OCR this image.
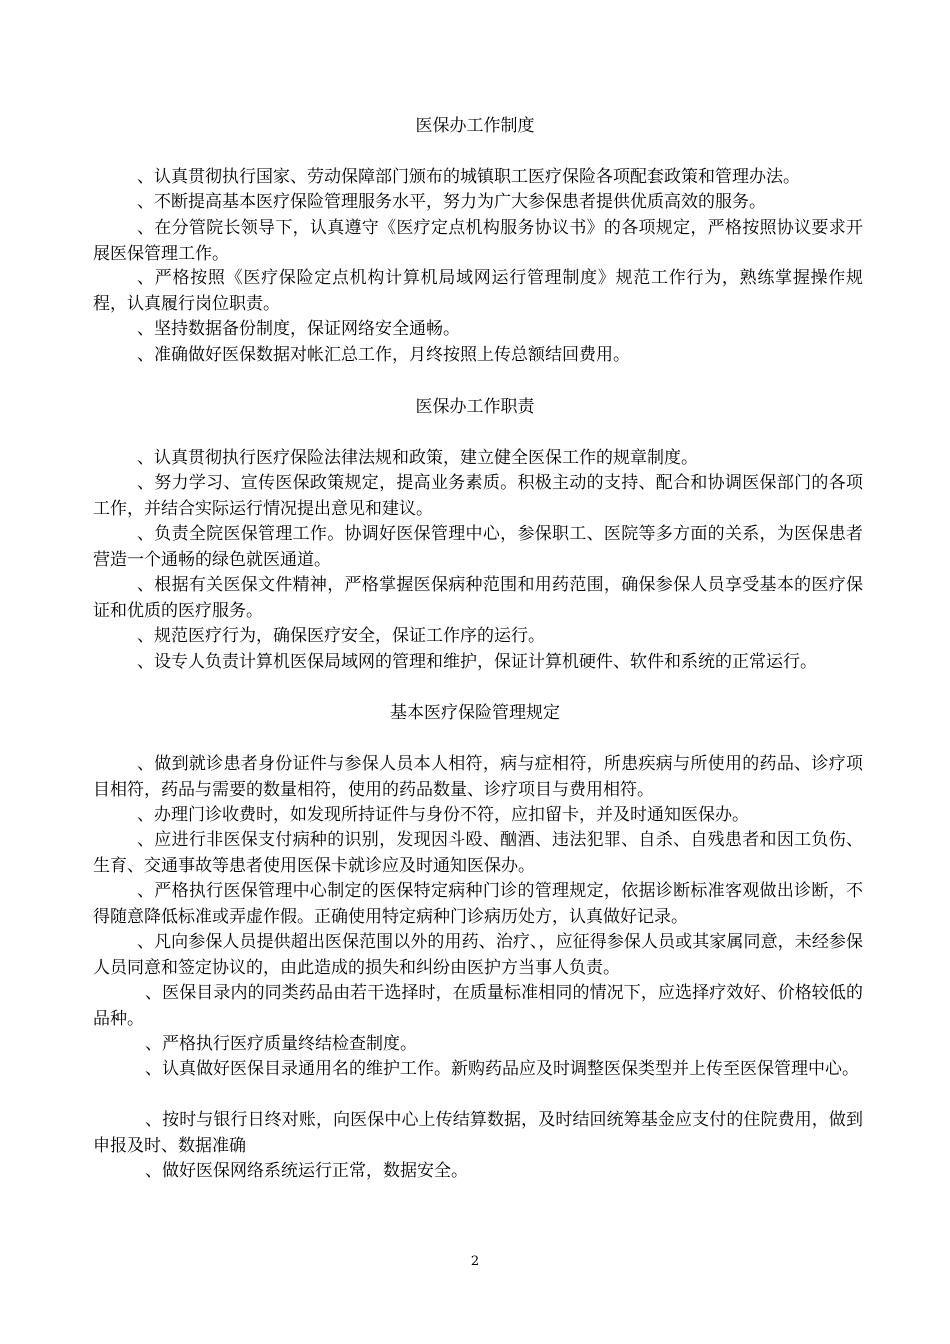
医保办工作制度
、认真贯彻执行国家、劳动保障部门颁布的城镇职工医疗保险各项配套政策和管理办法。
、不断提高基本医疗保险管理服务水平，努力为广大参保患者提供优质高效的服务。
、在分管院长领导下，认真遵守《医疗定点机构服务协议书》的各项规定，严格按照协议要求开展医保管理工作。
、严格按照《医疗保险定点机构计算机局域网运行管理制度》规范工作行为，熟练掌握操作规程，认真履行岗位职责。
、坚持数据备份制度，保证网络安全通畅。
、准确做好医保数据对帐汇总工作，月终按照上传总额结回费用。
医保办工作职责
、认真贯彻执行医疗保险法律法规和政策，建立健全医保工作的规章制度。
、努力学习、宣传医保政策规定，提高业务素质。积极主动的支持、配合和协调医保部门的各项工作，并结合实际运行情况提出意见和建议。
、负责全院医保管理工作。协调好医保管理中心，参保职工、医院等多方面的关系，为医保患者营造一个通畅的绿色就医通道。
、根据有关医保文件精神，严格掌握医保病种范围和用药范围，确保参保人员享受基本的医疗保证和优质的医疗服务。
、规范医疗行为，确保医疗安全，保证工作序的运行。
、设专人负责计算机医保局域网的管理和维护，保证计算机硬件、软件和系统的正常运行。
基本医疗保险管理规定
、做到就诊患者身份证件与参保人员本人相符，病与症相符，所患疾病与所使用的药品、诊疗项目相符，药品与需要的数量相符，使用的药品数量、诊疗项目与费用相符。
、办理门诊收费时，如发现所持证件与身份不符，应扣留卡，并及时通知医保办。
、应进行非医保支付病种的识别，发现因斗殴、酗酒、违法犯罪、自杀、自残患者和因工负伤、生育、交通事故等患者使用医保卡就诊应及时通知医保办。
、严格执行医保管理中心制定的医保特定病种门诊的管理规定，依据诊断标准客观做出诊断，不得随意降低标准或弄虚作假。正确使用特定病种门诊病历处方，认真做好记录。
、凡向参保人员提供超出医保范围以外的用药、治疗、，应征得参保人员或其家属同意，未经参保人员同意和签定协议的，由此造成的损失和纠纷由医护方当事人负责。
、医保目录内的同类药品由若干选择时，在质量标准相同的情况下，应选择疗效好、价格较低的品种。
、严格执行医疗质量终结检查制度。
、认真做好医保目录通用名的维护工作。新购药品应及时调整医保类型并上传至医保管理中心。
、按时与银行日终对账，向医保中心上传结算数据，及时结回统筹基金应支付的住院费用，做到申报及时、数据准确
、做好医保网络系统运行正常，数据安全。
2
